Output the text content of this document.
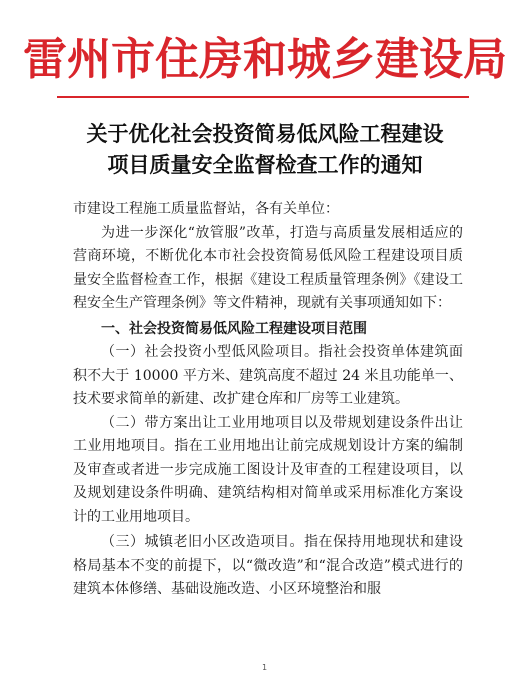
雷州市住房和城乡建设局
关于优化社会投资简易低风险工程建设
项目质量安全监督检查工作的通知

市建设工程施工质量监督站，各有关单位：

为进一步深化“放管服”改革，打造与高质量发展相适应的营商环境，不断优化本市社会投资简易低风险工程建设项目质量安全监督检查工作，根据《建设工程质量管理条例》《建设工程安全生产管理条例》等文件精神，现就有关事项通知如下：

一、社会投资简易低风险工程建设项目范围

（一）社会投资小型低风险项目。指社会投资单体建筑面积不大于 10000 平方米、建筑高度不超过 24 米且功能单一、技术要求简单的新建、改扩建仓库和厂房等工业建筑。

（二）带方案出让工业用地项目以及带规划建设条件出让工业用地项目。指在工业用地出让前完成规划设计方案的编制及审查或者进一步完成施工图设计及审查的工程建设项目，以及规划建设条件明确、建筑结构相对简单或采用标准化方案设计的工业用地项目。

（三）城镇老旧小区改造项目。指在保持用地现状和建设格局基本不变的前提下，以“微改造”和“混合改造”模式进行的建筑本体修缮、基础设施改造、小区环境整治和服

1
